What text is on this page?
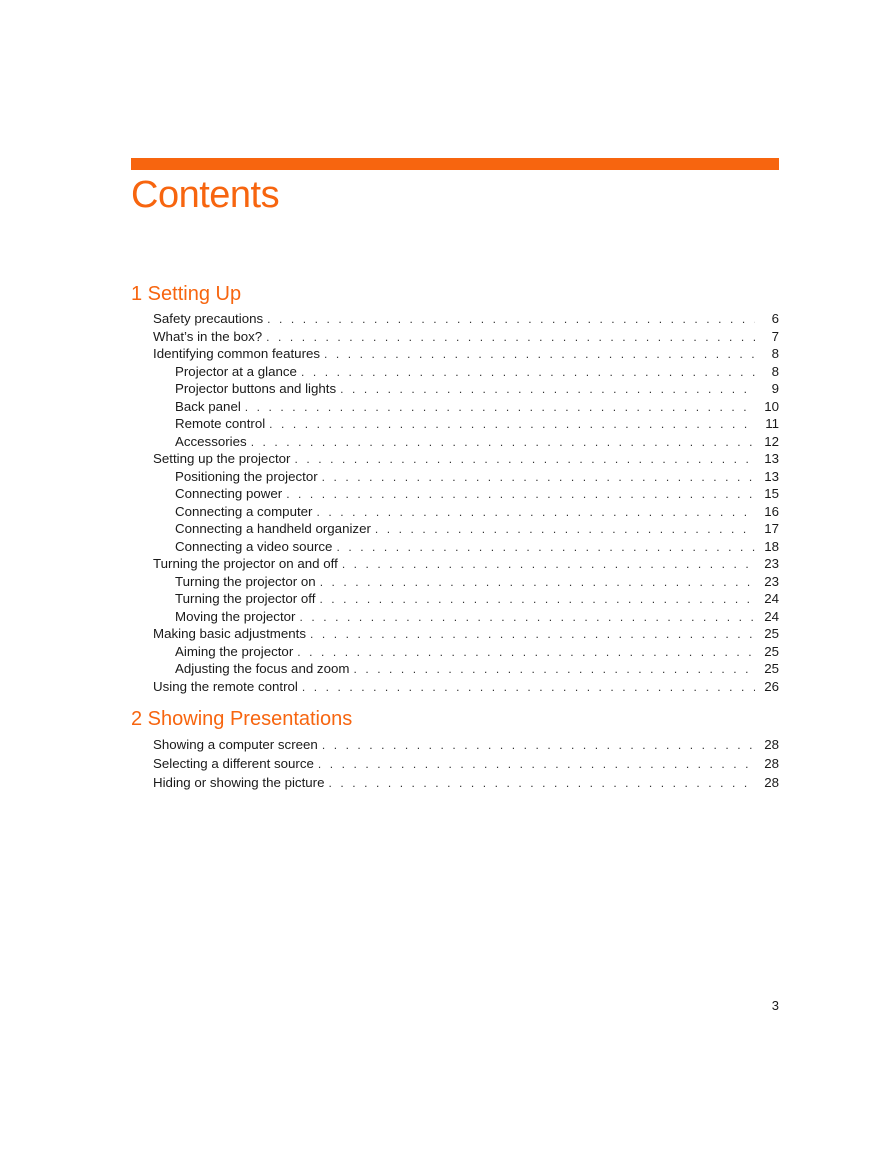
Contents
1 Setting Up
Safety precautions . . .	6
What’s in the box? . . .	7
Identifying common features . . .	8
Projector at a glance . . .	8
Projector buttons and lights . . .	9
Back panel . . .	10
Remote control . . .	11
Accessories . . .	12
Setting up the projector . . .	13
Positioning the projector . . .	13
Connecting power . . .	15
Connecting a computer . . .	16
Connecting a handheld organizer . . .	17
Connecting a video source . . .	18
Turning the projector on and off . . .	23
Turning the projector on . . .	23
Turning the projector off . . .	24
Moving the projector . . .	24
Making basic adjustments . . .	25
Aiming the projector . . .	25
Adjusting the focus and zoom . . .	25
Using the remote control . . .	26
2 Showing Presentations
Showing a computer screen . . .	28
Selecting a different source . . .	28
Hiding or showing the picture . . .	28
3
